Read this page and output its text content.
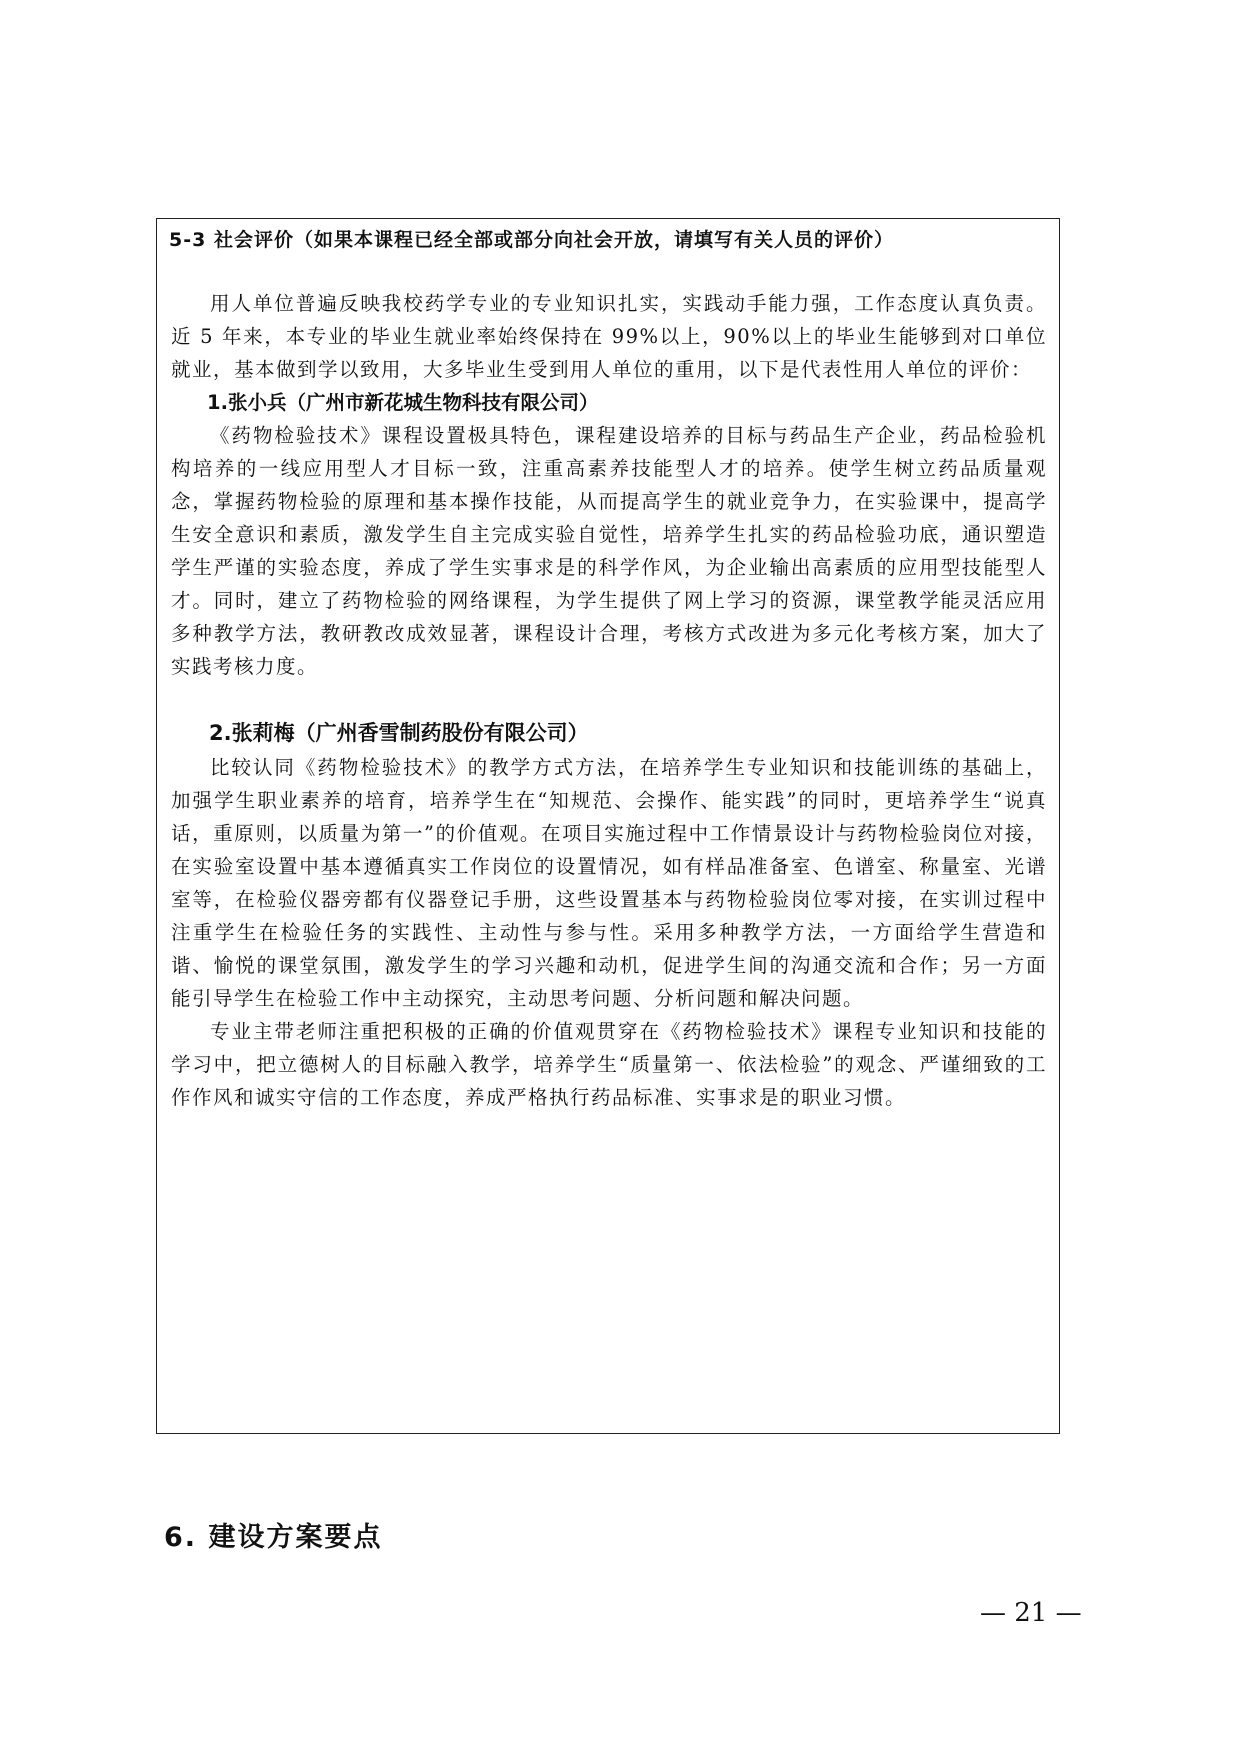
5-3 社会评价（如果本课程已经全部或部分向社会开放，请填写有关人员的评价）

用人单位普遍反映我校药学专业的专业知识扎实，实践动手能力强，工作态度认真负责。近 5 年来，本专业的毕业生就业率始终保持在 99%以上，90%以上的毕业生能够到对口单位就业，基本做到学以致用，大多毕业生受到用人单位的重用，以下是代表性用人单位的评价：

1.张小兵（广州市新花城生物科技有限公司）

《药物检验技术》课程设置极具特色，课程建设培养的目标与药品生产企业，药品检验机构培养的一线应用型人才目标一致，注重高素养技能型人才的培养。使学生树立药品质量观念，掌握药物检验的原理和基本操作技能，从而提高学生的就业竞争力，在实验课中，提高学生安全意识和素质，激发学生自主完成实验自觉性，培养学生扎实的药品检验功底，通识塑造学生严谨的实验态度，养成了学生实事求是的科学作风，为企业输出高素质的应用型技能型人才。同时，建立了药物检验的网络课程，为学生提供了网上学习的资源，课堂教学能灵活应用多种教学方法，教研教改成效显著，课程设计合理，考核方式改进为多元化考核方案，加大了实践考核力度。

2.张莉梅（广州香雪制药股份有限公司）

比较认同《药物检验技术》的教学方式方法，在培养学生专业知识和技能训练的基础上，加强学生职业素养的培育，培养学生在“知规范、会操作、能实践”的同时，更培养学生“说真话，重原则，以质量为第一”的价值观。在项目实施过程中工作情景设计与药物检验岗位对接，在实验室设置中基本遵循真实工作岗位的设置情况，如有样品准备室、色谱室、称量室、光谱室等，在检验仪器旁都有仪器登记手册，这些设置基本与药物检验岗位零对接，在实训过程中注重学生在检验任务的实践性、主动性与参与性。采用多种教学方法，一方面给学生营造和谐、愉悦的课堂氛围，激发学生的学习兴趣和动机，促进学生间的沟通交流和合作；另一方面能引导学生在检验工作中主动探究，主动思考问题、分析问题和解决问题。

专业主带老师注重把积极的正确的价值观贯穿在《药物检验技术》课程专业知识和技能的学习中，把立德树人的目标融入教学，培养学生“质量第一、依法检验”的观念、严谨细致的工作作风和诚实守信的工作态度，养成严格执行药品标准、实事求是的职业习惯。

6. 建设方案要点
— 21 —
